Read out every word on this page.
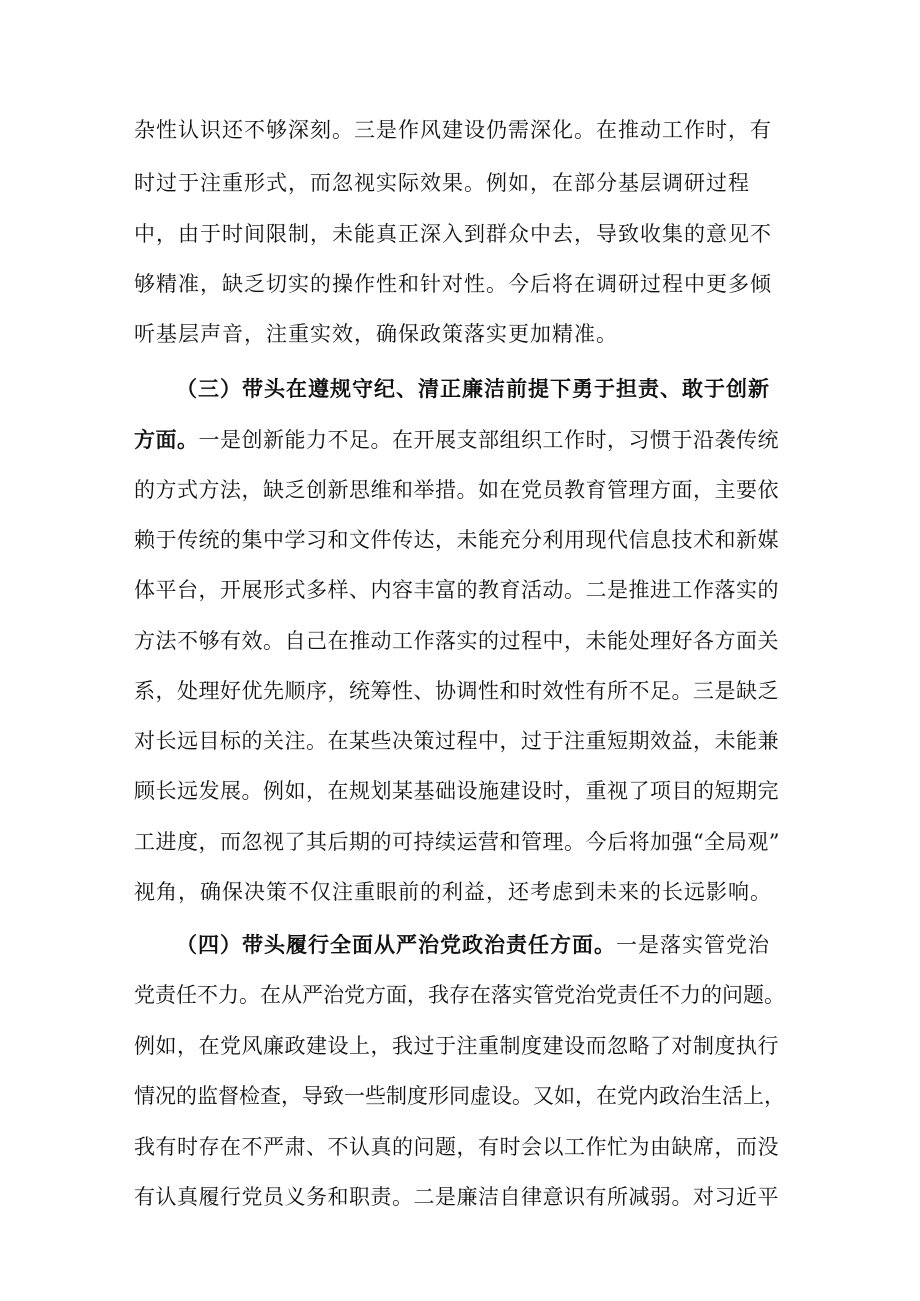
杂性认识还不够深刻。三是作风建设仍需深化。在推动工作时，有
时过于注重形式，而忽视实际效果。例如，在部分基层调研过程
中，由于时间限制，未能真正深入到群众中去，导致收集的意见不
够精准，缺乏切实的操作性和针对性。今后将在调研过程中更多倾
听基层声音，注重实效，确保政策落实更加精准。
（三）带头在遵规守纪、清正廉洁前提下勇于担责、敢于创新
方面。一是创新能力不足。在开展支部组织工作时，习惯于沿袭传统
的方式方法，缺乏创新思维和举措。如在党员教育管理方面，主要依
赖于传统的集中学习和文件传达，未能充分利用现代信息技术和新媒
体平台，开展形式多样、内容丰富的教育活动。二是推进工作落实的
方法不够有效。自己在推动工作落实的过程中，未能处理好各方面关
系，处理好优先顺序，统筹性、协调性和时效性有所不足。三是缺乏
对长远目标的关注。在某些决策过程中，过于注重短期效益，未能兼
顾长远发展。例如，在规划某基础设施建设时，重视了项目的短期完
工进度，而忽视了其后期的可持续运营和管理。今后将加强“全局观”
视角，确保决策不仅注重眼前的利益，还考虑到未来的长远影响。
（四）带头履行全面从严治党政治责任方面。一是落实管党治
党责任不力。在从严治党方面，我存在落实管党治党责任不力的问题。
例如，在党风廉政建设上，我过于注重制度建设而忽略了对制度执行
情况的监督检查，导致一些制度形同虚设。又如，在党内政治生活上，
我有时存在不严肃、不认真的问题，有时会以工作忙为由缺席，而没
有认真履行党员义务和职责。二是廉洁自律意识有所减弱。对习近平
